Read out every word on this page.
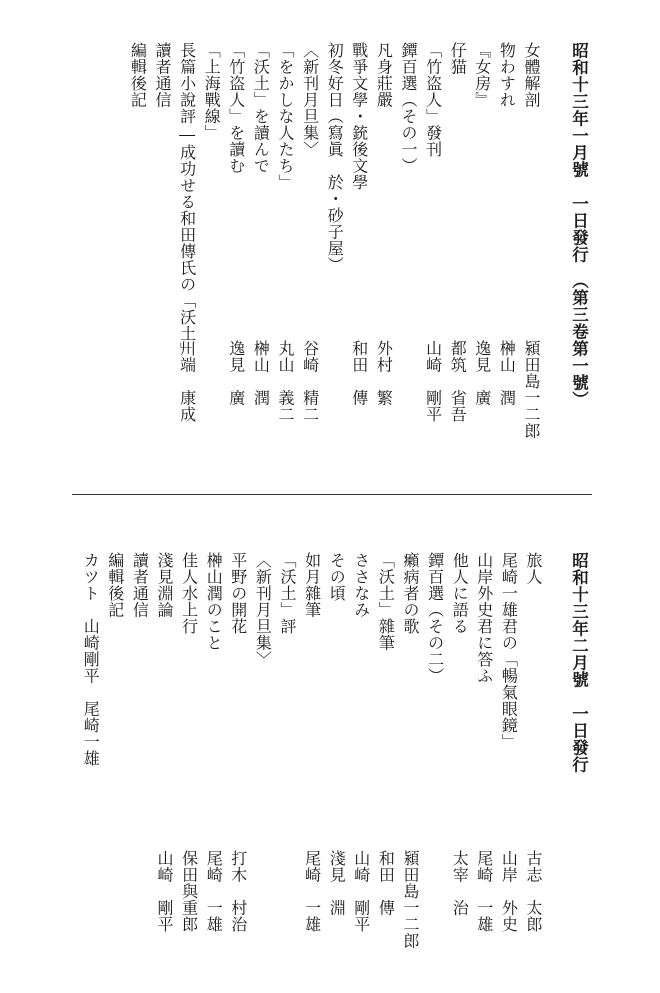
昭和十三年一月號　一日發行　（第三卷第一號）
女體解剖
潁田島一二郎
物わすれ
榊山　潤
『女房』
逸見　廣
仔猫
都筑　省吾
「竹盗人」發刊
山崎　剛平
鐔百選（その一）
凡身莊嚴
外村　繁
戰爭文學・銃後文學
和田　傳
初冬好日（寫眞　於・砂子屋）
〈新刊月旦集〉
谷崎　精二
「をかしな人たち」
丸山　義二
「沃土」を讀んで
榊山　潤
「竹盗人」を讀む
逸見　廣
「上海戰線」
長篇小說評―成功せる和田傳氏の「沃土」
川端　康成
讀者通信
編輯後記
昭和十三年二月號　一日發行
旅人
古志　太郎
尾崎一雄君の「暢氣眼鏡」
山岸　外史
山岸外史君に答ふ
尾崎　一雄
他人に語る
太宰　治
鐔百選（その二）
癩病者の歌
潁田島一二郎
「沃土」雜筆
和田　傳
ささなみ
山崎　剛平
その頃
淺見　淵
如月雜筆
尾崎　一雄
「沃土」評
〈新刊月旦集〉
平野の開花
打木　村治
榊山潤のこと
尾崎　一雄
佳人水上行
保田與重郎
淺見淵論
山崎　剛平
讀者通信
編輯後記
カツト　山崎剛平　尾崎一雄
